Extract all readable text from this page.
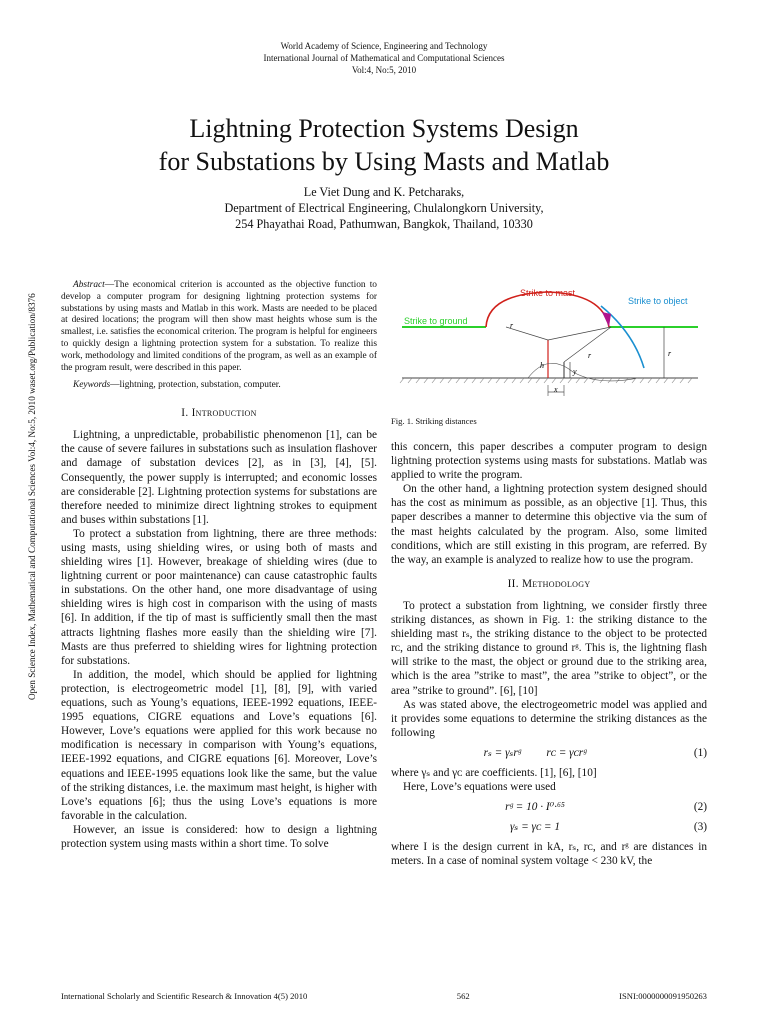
World Academy of Science, Engineering and Technology
International Journal of Mathematical and Computational Sciences
Vol:4, No:5, 2010
Lightning Protection Systems Design
for Substations by Using Masts and Matlab
Le Viet Dung and K. Petcharaks,
Department of Electrical Engineering, Chulalongkorn University,
254 Phayathai Road, Pathumwan, Bangkok, Thailand, 10330
Open Science Index, Mathematical and Computational Sciences Vol:4, No:5, 2010 waset.org/Publication/8376

Abstract—The economical criterion is accounted as the objective function to develop a computer program for designing lightning protection systems for substations by using masts and Matlab in this work. Masts are needed to be placed at desired locations; the program will then show mast heights whose sum is the smallest, i.e. satisfies the economical criterion. The program is helpful for engineers to quickly design a lightning protection system for a substation. To realize this work, methodology and limited conditions of the program, as well as an example of the program result, were described in this paper.

Keywords—lightning, protection, substation, computer.

I. Introduction

Lightning, a unpredictable, probabilistic phenomenon [1], can be the cause of severe failures in substations such as insulation flashover and damage of substation devices [2], as in [3], [4], [5]. Consequently, the power supply is interrupted; and economic losses are considerable [2]. Lightning protection systems for substations are therefore needed to minimize direct lightning strokes to equipment and buses within substations [1].

To protect a substation from lightning, there are three methods: using masts, using shielding wires, or using both of masts and shielding wires [1]. However, breakage of shielding wires (due to lightning current or poor maintenance) can cause catastrophic faults in substations. On the other hand, one more disadvantage of using shielding wires is high cost in comparison with the using of masts [6]. In addition, if the tip of mast is sufficiently small then the mast attracts lightning flashes more easily than the shielding wire [7]. Masts are thus preferred to shielding wires for lightning protection for substations.

In addition, the model, which should be applied for lightning protection, is electrogeometric model [1], [8], [9], with varied equations, such as Young’s equations, IEEE-1992 equations, IEEE-1995 equations, CIGRE equations and Love’s equations [6]. However, Love’s equations were applied for this work because no modification is necessary in comparison with Young’s equations, IEEE-1992 equations, and CIGRE equations [6]. Moreover, Love’s equations and IEEE-1995 equations look like the same, but the value of the striking distances, i.e. the maximum mast height, is higher with Love’s equations [6]; thus the using Love’s equations is more favorable in the calculation.

However, an issue is considered: how to design a lightning protection system using masts within a short time. To solve

Strike to mast
Strike to object
Strike to ground	r
r	r
h
y
x
Fig. 1. Striking distances

this concern, this paper describes a computer program to design lightning protection systems using masts for substations. Matlab was applied to write the program.

On the other hand, a lightning protection system designed should has the cost as minimum as possible, as an objective [1]. Thus, this paper describes a manner to determine this objective via the sum of the mast heights calculated by the program. Also, some limited conditions, which are still existing in this program, are referred. By the way, an example is analyzed to realize how to use the program.

II. Methodology

To protect a substation from lightning, we consider firstly three striking distances, as shown in Fig. 1: the striking distance to the shielding mast rₛ, the striking distance to the object to be protected rᴄ, and the striking distance to ground rᵍ. This is, the lightning flash will strike to the mast, the object or ground due to the striking area, which is the area ”strike to mast”, the area ”strike to object”, or the area ”strike to ground”. [6], [10]

As was stated above, the electrogeometric model was applied and it provides some equations to determine the striking distances as the following

rₛ = γₛrᵍ rᴄ = γᴄrᵍ	(1)

where γₛ and γᴄ are coefficients. [1], [6], [10]

Here, Love’s equations were used

rᵍ = 10 · I⁰·⁶⁵	(2)
γₛ = γᴄ = 1	(3)

where I is the design current in kA, rₛ, rᴄ, and rᵍ are distances in meters. In a case of nominal system voltage < 230 kV, the

International Scholarly and Scientific Research & Innovation 4(5) 2010	562	ISNI:0000000091950263
